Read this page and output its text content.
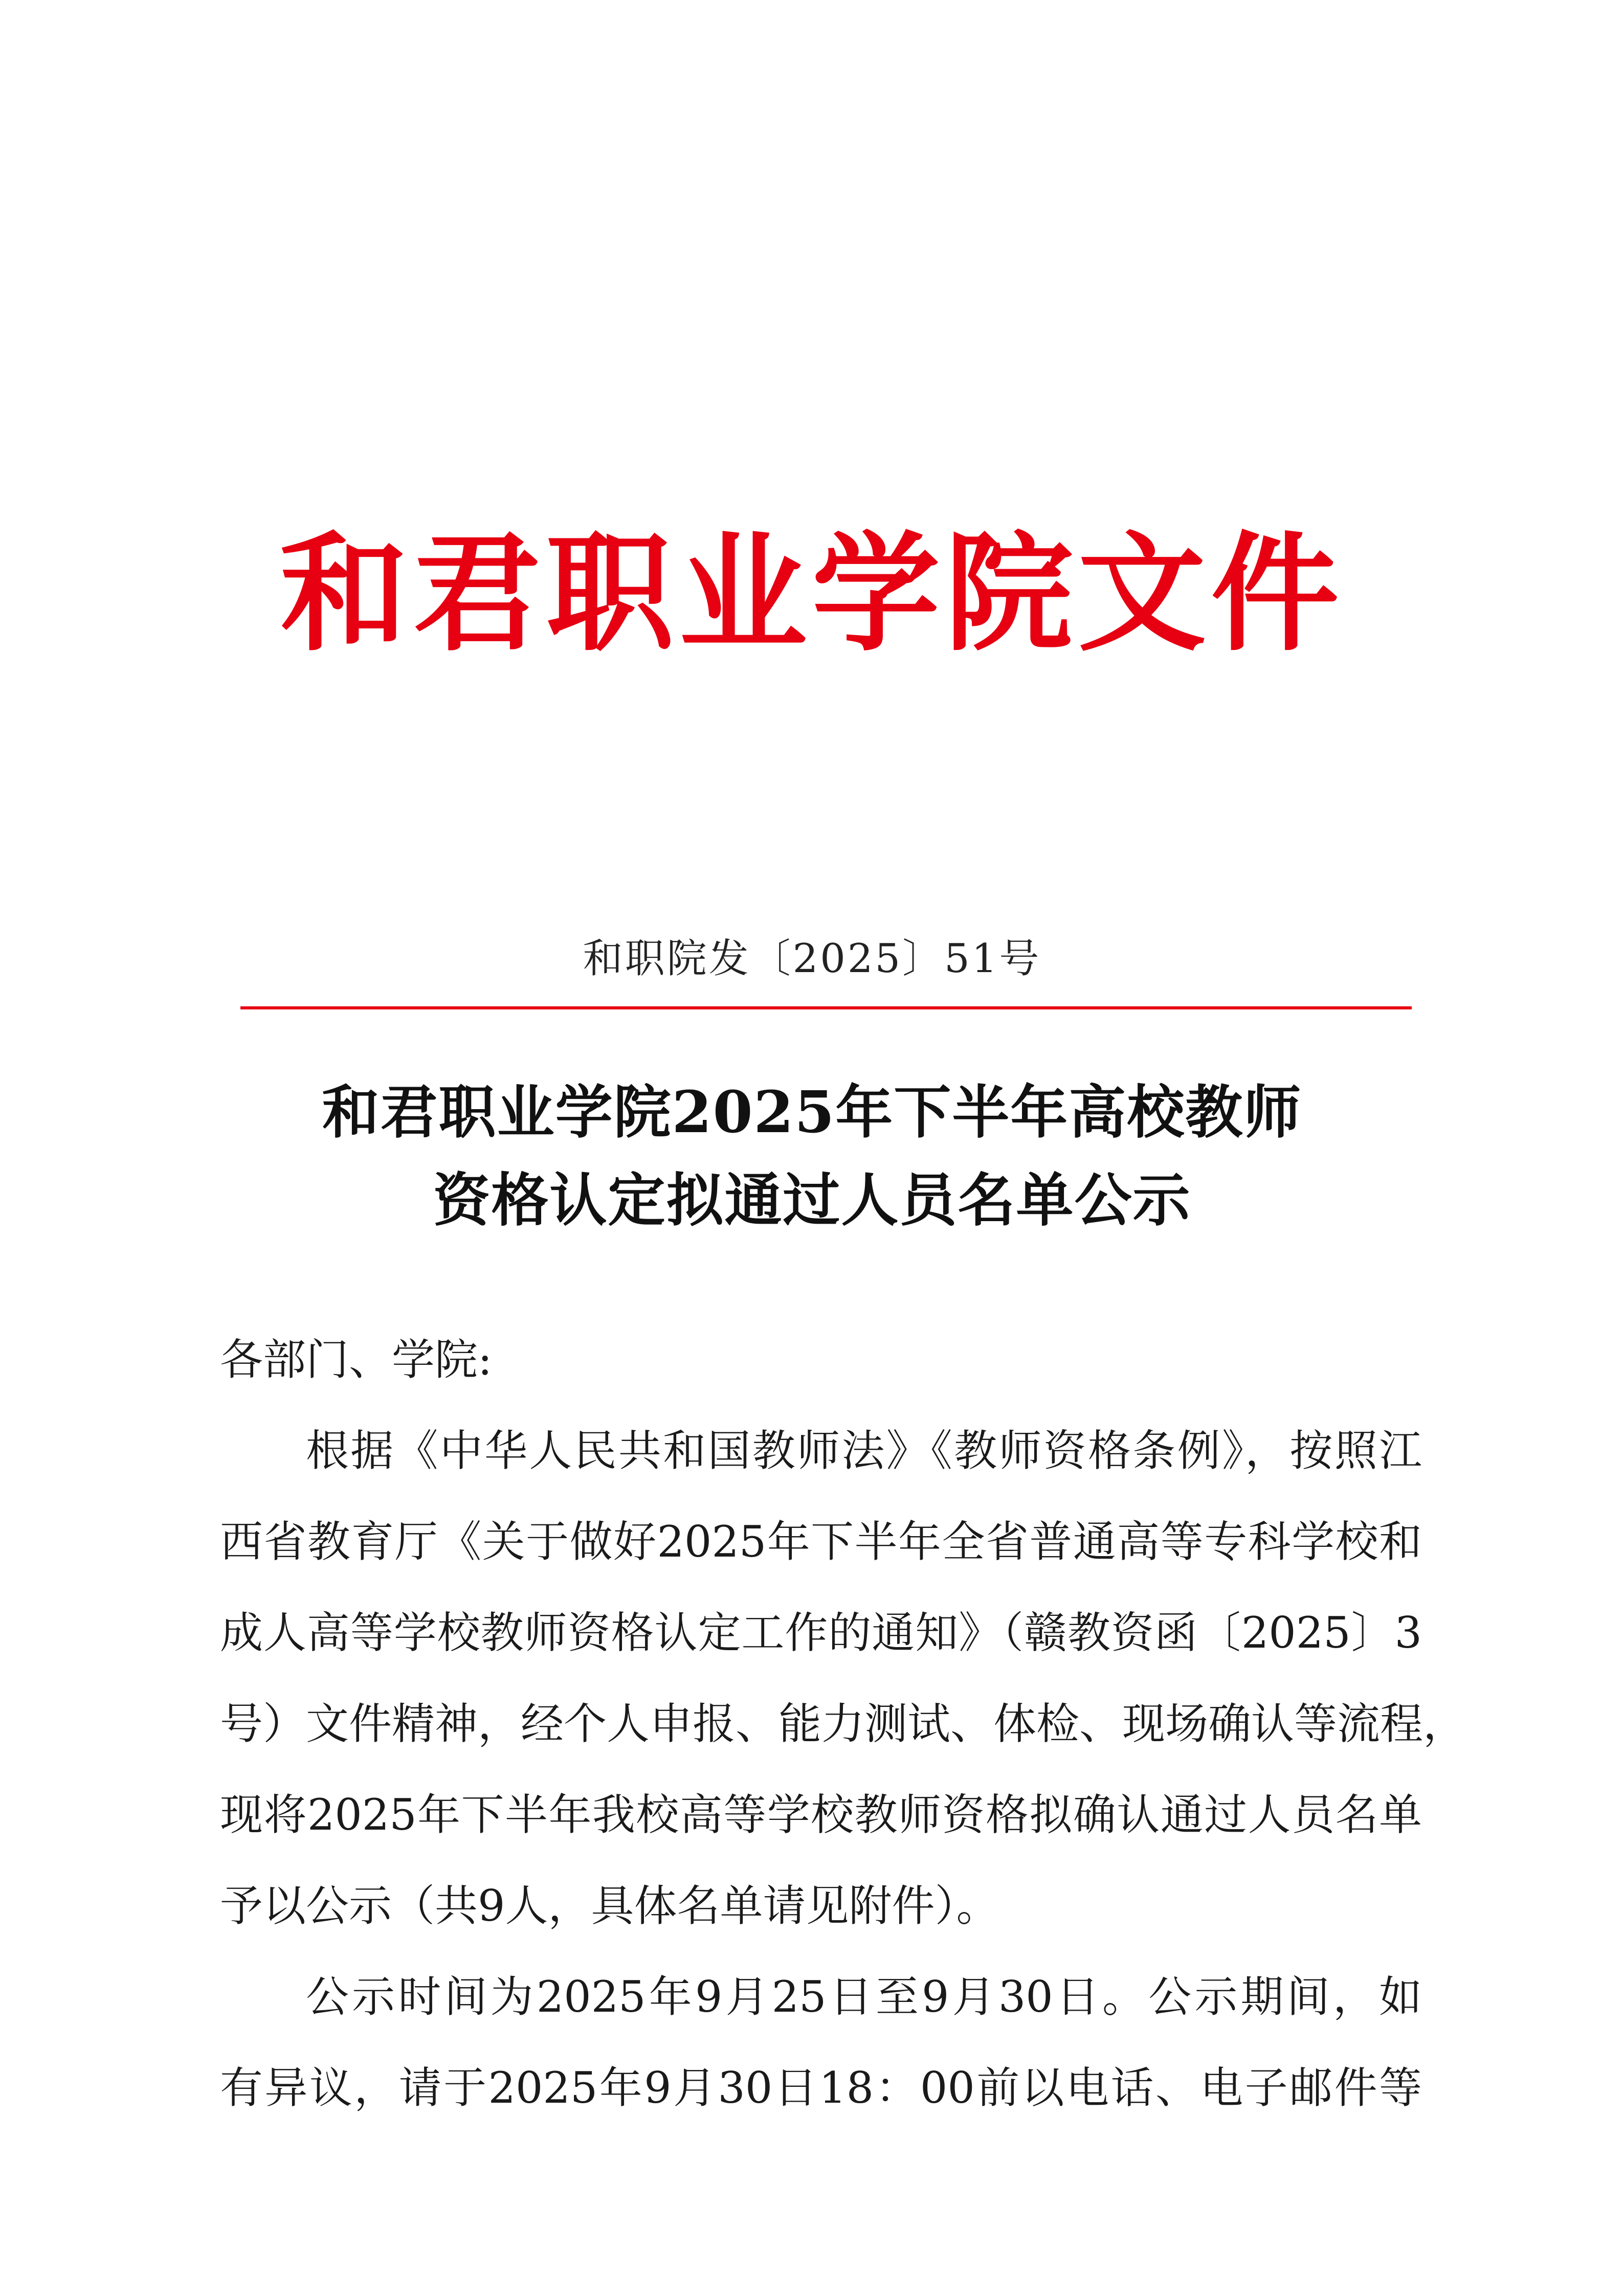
和君职业学院文件
和职院发〔2025〕51号
和君职业学院2025年下半年高校教师
资格认定拟通过人员名单公示
各部门、学院:
根据《中华人民共和国教师法》《教师资格条例》，按照江
西省教育厅《关于做好2025年下半年全省普通高等专科学校和
成人高等学校教师资格认定工作的通知》（赣教资函〔2025〕3
号）文件精神，经个人申报、能力测试、体检、现场确认等流程，
现将2025年下半年我校高等学校教师资格拟确认通过人员名单
予以公示（共9人，具体名单请见附件）。
公示时间为2025年9月25日至9月30日。公示期间，如
有异议，请于2025年9月30日18：00前以电话、电子邮件等
